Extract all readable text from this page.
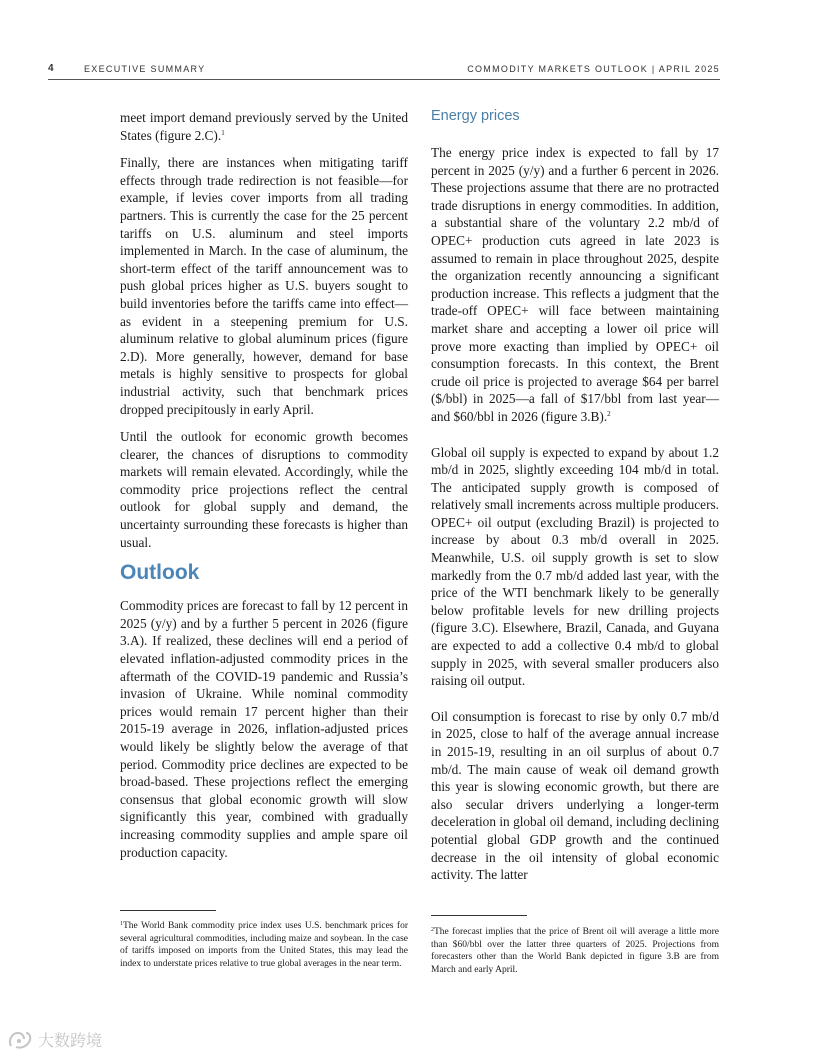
4	EXECUTIVE SUMMARY	COMMODITY MARKETS OUTLOOK | APRIL 2025

meet import demand previously served by the United States (figure 2.C).$^1$

Finally, there are instances when mitigating tariff effects through trade redirection is not feasible—for example, if levies cover imports from all trading partners. This is currently the case for the 25 percent tariffs on U.S. aluminum and steel imports implemented in March. In the case of aluminum, the short-term effect of the tariff announcement was to push global prices higher as U.S. buyers sought to build inventories before the tariffs came into effect—as evident in a steepening premium for U.S. aluminum relative to global aluminum prices (figure 2.D). More generally, however, demand for base metals is highly sensitive to prospects for global industrial activity, such that benchmark prices dropped precipitously in early April.

Until the outlook for economic growth becomes clearer, the chances of disruptions to commodity markets will remain elevated. Accordingly, while the commodity price projections reflect the central outlook for global supply and demand, the uncertainty surrounding these forecasts is higher than usual.

Outlook

Commodity prices are forecast to fall by 12 percent in 2025 (y/y) and by a further 5 percent in 2026 (figure 3.A). If realized, these declines will end a period of elevated inflation-adjusted commodity prices in the aftermath of the COVID-19 pandemic and Russia’s invasion of Ukraine. While nominal commodity prices would remain 17 percent higher than their 2015-19 average in 2026, inflation-adjusted prices would likely be slightly below the average of that period. Commodity price declines are expected to be broad-based. These projections reflect the emerging consensus that global economic growth will slow significantly this year, combined with gradually increasing commodity supplies and ample spare oil production capacity.

Energy prices

The energy price index is expected to fall by 17 percent in 2025 (y/y) and a further 6 percent in 2026. These projections assume that there are no protracted trade disruptions in energy commodities. In addition, a substantial share of the voluntary 2.2 mb/d of OPEC+ production cuts agreed in late 2023 is assumed to remain in place throughout 2025, despite the organization recently announcing a significant production increase. This reflects a judgment that the trade-off OPEC+ will face between maintaining market share and accepting a lower oil price will prove more exacting than implied by OPEC+ oil consumption forecasts. In this context, the Brent crude oil price is projected to average $64 per barrel ($/bbl) in 2025—a fall of $17/bbl from last year—and $60/bbl in 2026 (figure 3.B).$^2$

Global oil supply is expected to expand by about 1.2 mb/d in 2025, slightly exceeding 104 mb/d in total. The anticipated supply growth is composed of relatively small increments across multiple producers. OPEC+ oil output (excluding Brazil) is projected to increase by about 0.3 mb/d overall in 2025. Meanwhile, U.S. oil supply growth is set to slow markedly from the 0.7 mb/d added last year, with the price of the WTI benchmark likely to be generally below profitable levels for new drilling projects (figure 3.C). Elsewhere, Brazil, Canada, and Guyana are expected to add a collective 0.4 mb/d to global supply in 2025, with several smaller producers also raising oil output.

Oil consumption is forecast to rise by only 0.7 mb/d in 2025, close to half of the average annual increase in 2015-19, resulting in an oil surplus of about 0.7 mb/d. The main cause of weak oil demand growth this year is slowing economic growth, but there are also secular drivers underlying a longer-term deceleration in global oil demand, including declining potential global GDP growth and the continued decrease in the oil intensity of global economic activity. The latter

$^1$The World Bank commodity price index uses U.S. benchmark prices for several agricultural commodities, including maize and soybean. In the case of tariffs imposed on imports from the United States, this may lead the index to understate prices relative to true global averages in the near term.
$^2$The forecast implies that the price of Brent oil will average a little more than $60/bbl over the latter three quarters of 2025. Projections from forecasters other than the World Bank depicted in figure 3.B are from March and early April.
大数跨境
